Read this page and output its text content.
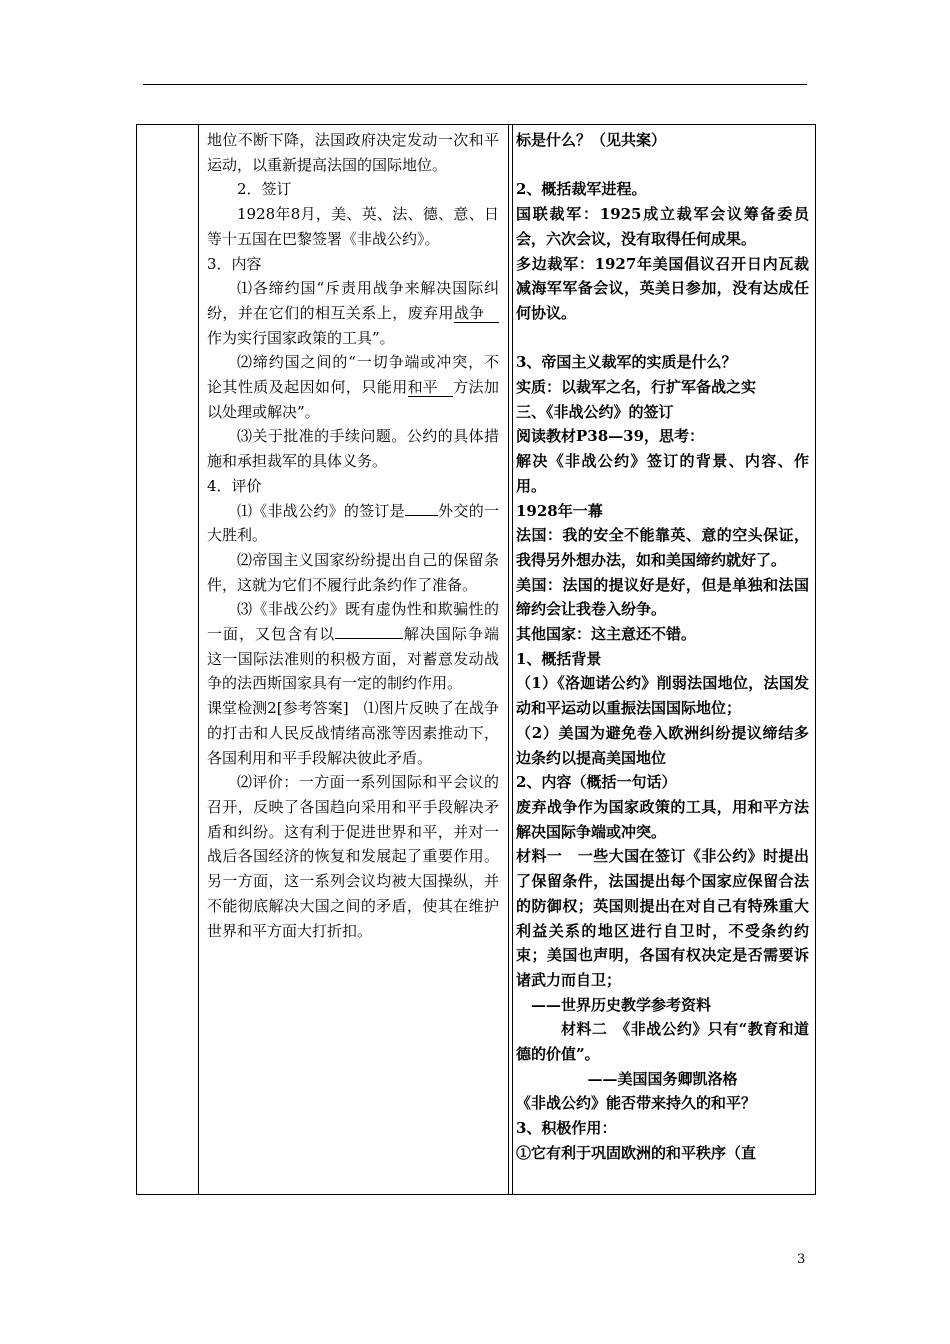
地位不断下降，法国政府决定发动一次和平运动，以重新提高法国的国际地位。

2．签订

1928年8月，美、英、法、德、意、日等十五国在巴黎签署《非战公约》。

3．内容

⑴各缔约国“斥责用战争来解决国际纠纷，并在它们的相互关系上，废弃用战争作为实行国家政策的工具”。

⑵缔约国之间的“一切争端或冲突，不论其性质及起因如何，只能用和平 方法加以处理或解决”。

⑶关于批准的手续问题。公约的具体措施和承担裁军的具体义务。

4．评价

⑴《非战公约》的签订是 外交的一大胜利。

⑵帝国主义国家纷纷提出自己的保留条件，这就为它们不履行此条约作了准备。

⑶《非战公约》既有虚伪性和欺骗性的一面，又包含有以	解决国际争端这一国际法准则的积极方面，对蓄意发动战争的法西斯国家具有一定的制约作用。

课堂检测2[参考答案]　⑴图片反映了在战争的打击和人民反战情绪高涨等因素推动下，各国利用和平手段解决彼此矛盾。

⑵评价：一方面一系列国际和平会议的召开，反映了各国趋向采用和平手段解决矛盾和纠纷。这有利于促进世界和平，并对一战后各国经济的恢复和发展起了重要作用。另一方面，这一系列会议均被大国操纵，并不能彻底解决大国之间的矛盾，使其在维护世界和平方面大打折扣。

标是什么？（见共案）

2、概括裁军进程。

国联裁军：1925成立裁军会议筹备委员会，六次会议，没有取得任何成果。

多边裁军：1927年美国倡议召开日内瓦裁减海军军备会议，英美日参加，没有达成任何协议。

3、帝国主义裁军的实质是什么？

实质：以裁军之名，行扩军备战之实

三、《非战公约》的签订

阅读教材P38—39，思考：

解决《非战公约》签订的背景、内容、作用。

1928年一幕

法国：我的安全不能靠英、意的空头保证，我得另外想办法，如和美国缔约就好了。

美国：法国的提议好是好，但是单独和法国缔约会让我卷入纷争。

其他国家：这主意还不错。

1、概括背景

（1）《洛迦诺公约》削弱法国地位，法国发动和平运动以重振法国国际地位；

（2）美国为避免卷入欧洲纠纷提议缔结多边条约以提高美国地位

2、内容（概括一句话）

废弃战争作为国家政策的工具，用和平方法解决国际争端或冲突。

材料一　一些大国在签订《非公约》时提出了保留条件，法国提出每个国家应保留合法的防御权；英国则提出在对自己有特殊重大利益关系的地区进行自卫时，不受条约约束；美国也声明，各国有权决定是否需要诉诸武力而自卫；

——世界历史教学参考资料

材料二　《非战公约》只有“教育和道德的价值”。

——美国国务卿凯洛格

《非战公约》能否带来持久的和平？

3、积极作用：

①它有利于巩固欧洲的和平秩序（直

3
